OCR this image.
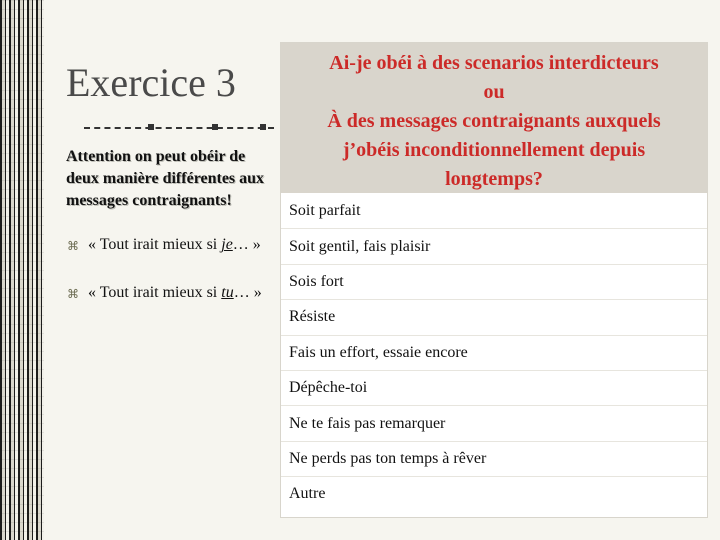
Exercice 3
Attention on peut obéir de deux manière différentes aux messages contraignants!
⌘ « Tout irait mieux si je… »
⌘ « Tout irait mieux si tu… »
Ai-je obéi à des scenarios interdicteurs
ou
À des messages contraignants auxquels
j’obéis inconditionnellement depuis
longtemps?
Soit parfait
Soit gentil, fais plaisir
Sois fort
Résiste
Fais un effort, essaie encore
Dépêche-toi
Ne te fais pas remarquer
Ne perds pas ton temps à rêver
Autre
